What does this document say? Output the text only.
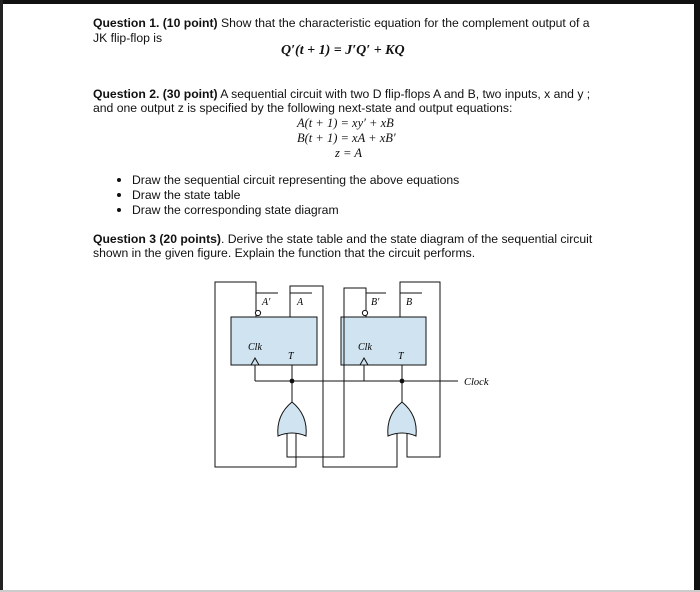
Question 1. (10 point) Show that the characteristic equation for the complement output of a
JK flip-flop is
Q′(t + 1) = J′Q′ + KQ
Question 2. (30 point) A sequential circuit with two D flip-flops A and B, two inputs, x and y ;
and one output z is specified by the following next-state and output equations:
A(t + 1) = xy′ + xB
B(t + 1) = xA + xB′
z = A
Draw the sequential circuit representing the above equations
Draw the state table
Draw the corresponding state diagram
Question 3 (20 points). Derive the state table and the state diagram of the sequential circuit
shown in the given figure. Explain the function that the circuit performs.
A′	A	B′	B
Clk	Clk
T	T
Clock
